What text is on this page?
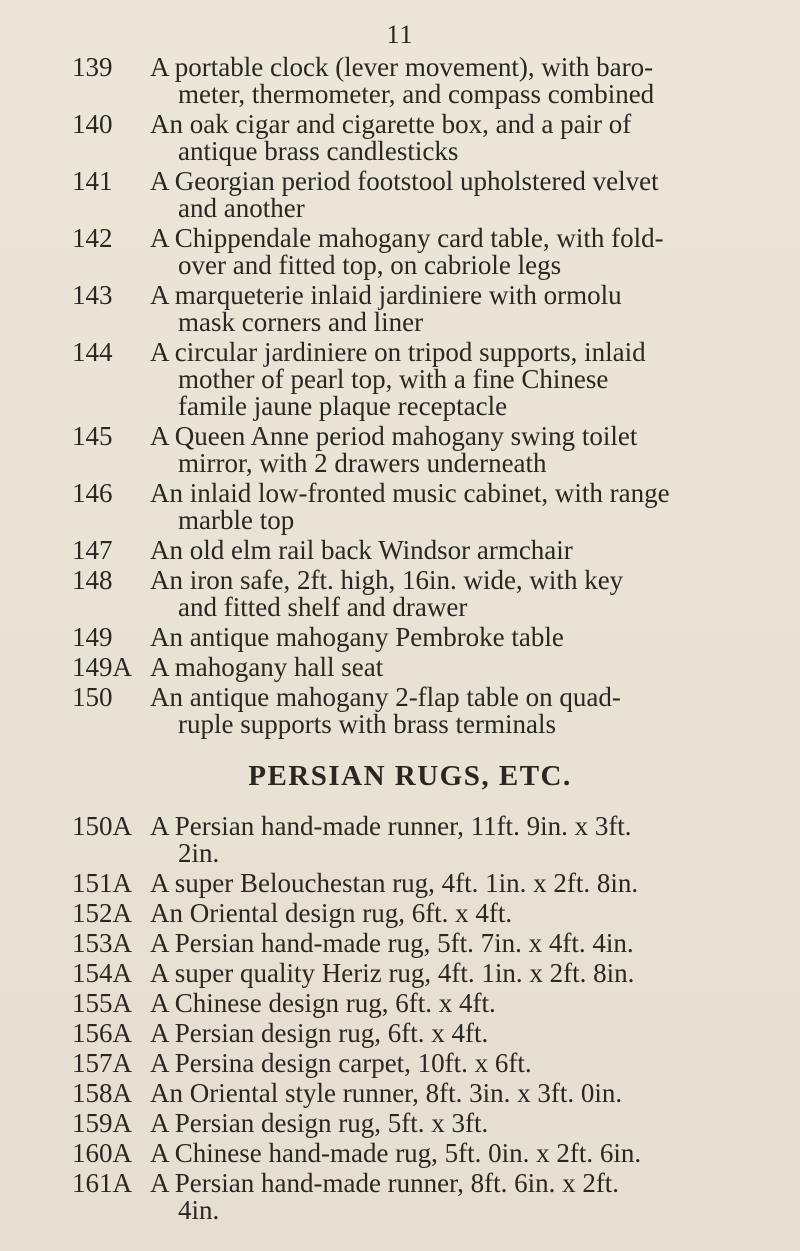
11
139 A portable clock (lever movement), with baro-
meter, thermometer, and compass combined
140 An oak cigar and cigarette box, and a pair of
antique brass candlesticks
141 A Georgian period footstool upholstered velvet
and another
142 A Chippendale mahogany card table, with fold-
over and fitted top, on cabriole legs
143 A marqueterie inlaid jardiniere with ormolu
mask corners and liner
144 A circular jardiniere on tripod supports, inlaid
mother of pearl top, with a fine Chinese
famile jaune plaque receptacle
145 A Queen Anne period mahogany swing toilet
mirror, with 2 drawers underneath
146 An inlaid low-fronted music cabinet, with range
marble top
147 An old elm rail back Windsor armchair
148 An iron safe, 2ft. high, 16in. wide, with key
and fitted shelf and drawer
149 An antique mahogany Pembroke table
149A A mahogany hall seat
150 An antique mahogany 2-flap table on quad-
ruple supports with brass terminals
PERSIAN RUGS, ETC.
150A A Persian hand-made runner, 11ft. 9in. x 3ft.
2in.
151A A super Belouchestan rug, 4ft. 1in. x 2ft. 8in.
152A An Oriental design rug, 6ft. x 4ft.
153A A Persian hand-made rug, 5ft. 7in. x 4ft. 4in.
154A A super quality Heriz rug, 4ft. 1in. x 2ft. 8in.
155A A Chinese design rug, 6ft. x 4ft.
156A A Persian design rug, 6ft. x 4ft.
157A A Persina design carpet, 10ft. x 6ft.
158A An Oriental style runner, 8ft. 3in. x 3ft. 0in.
159A A Persian design rug, 5ft. x 3ft.
160A A Chinese hand-made rug, 5ft. 0in. x 2ft. 6in.
161A A Persian hand-made runner, 8ft. 6in. x 2ft.
4in.
